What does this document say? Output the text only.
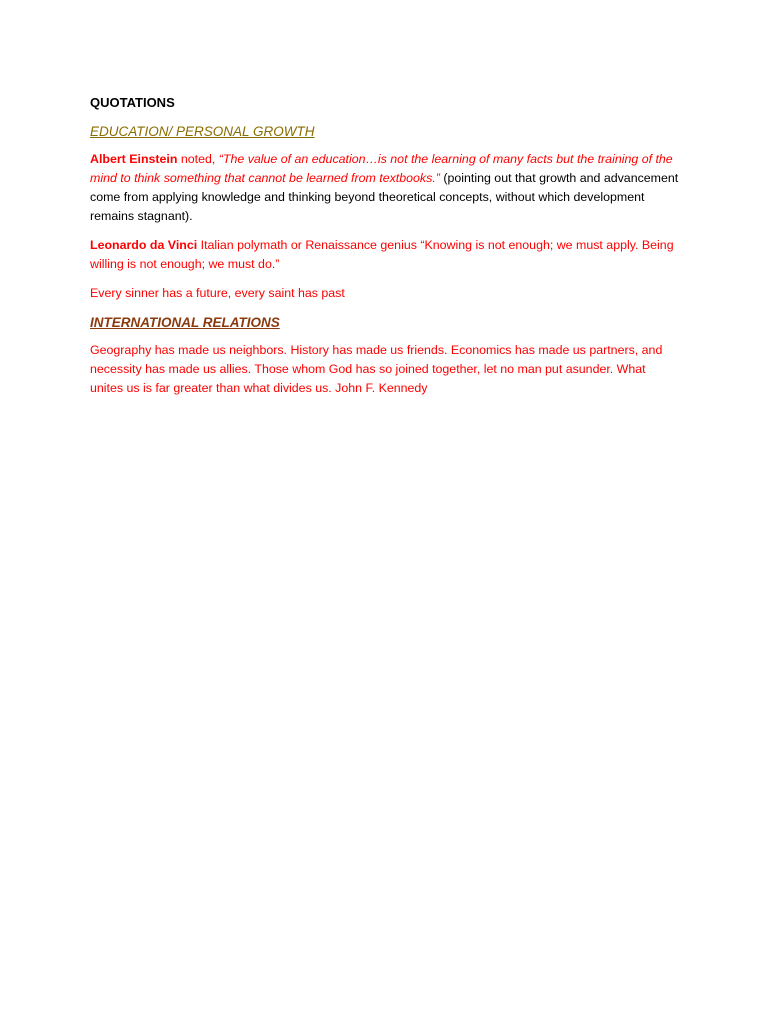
QUOTATIONS
EDUCATION/ PERSONAL GROWTH

Albert Einstein noted, “The value of an education…is not the learning of many facts but the training of the mind to think something that cannot be learned from textbooks.” (pointing out that growth and advancement come from applying knowledge and thinking beyond theoretical concepts, without which development remains stagnant).

Leonardo da Vinci Italian polymath or Renaissance genius “Knowing is not enough; we must apply. Being willing is not enough; we must do.”

Every sinner has a future, every saint has past

INTERNATIONAL RELATIONS

Geography has made us neighbors. History has made us friends. Economics has made us partners, and necessity has made us allies. Those whom God has so joined together, let no man put asunder. What unites us is far greater than what divides us. John F. Kennedy
